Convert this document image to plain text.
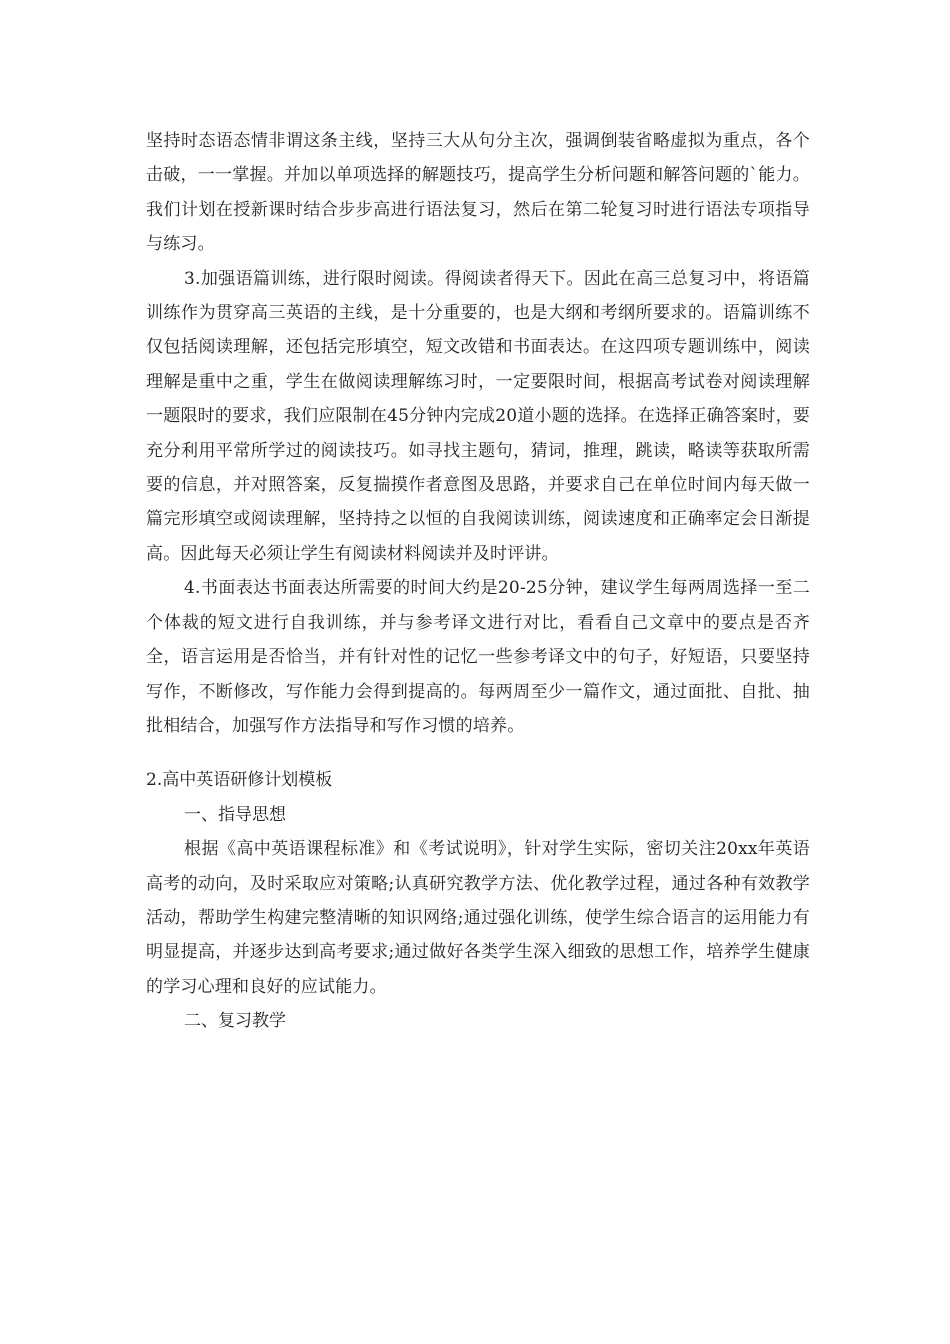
坚持时态语态情非谓这条主线，坚持三大从句分主次，强调倒装省略虚拟为重点，各个击破，一一掌握。并加以单项选择的解题技巧，提高学生分析问题和解答问题的`能力。我们计划在授新课时结合步步高进行语法复习，然后在第二轮复习时进行语法专项指导与练习。

3.加强语篇训练，进行限时阅读。得阅读者得天下。因此在高三总复习中，将语篇训练作为贯穿高三英语的主线，是十分重要的，也是大纲和考纲所要求的。语篇训练不仅包括阅读理解，还包括完形填空，短文改错和书面表达。在这四项专题训练中，阅读理解是重中之重，学生在做阅读理解练习时，一定要限时间，根据高考试卷对阅读理解一题限时的要求，我们应限制在45分钟内完成20道小题的选择。在选择正确答案时，要充分利用平常所学过的阅读技巧。如寻找主题句，猜词，推理，跳读，略读等获取所需要的信息，并对照答案，反复揣摸作者意图及思路，并要求自己在单位时间内每天做一篇完形填空或阅读理解，坚持持之以恒的自我阅读训练，阅读速度和正确率定会日渐提高。因此每天必须让学生有阅读材料阅读并及时评讲。

4.书面表达书面表达所需要的时间大约是20-25分钟，建议学生每两周选择一至二个体裁的短文进行自我训练，并与参考译文进行对比，看看自己文章中的要点是否齐全，语言运用是否恰当，并有针对性的记忆一些参考译文中的句子，好短语，只要坚持写作，不断修改，写作能力会得到提高的。每两周至少一篇作文，通过面批、自批、抽批相结合，加强写作方法指导和写作习惯的培养。

2.高中英语研修计划模板

一、指导思想

根据《高中英语课程标准》和《考试说明》，针对学生实际，密切关注20xx年英语高考的动向，及时采取应对策略;认真研究教学方法、优化教学过程，通过各种有效教学活动，帮助学生构建完整清晰的知识网络;通过强化训练，使学生综合语言的运用能力有明显提高，并逐步达到高考要求;通过做好各类学生深入细致的思想工作，培养学生健康的学习心理和良好的应试能力。

二、复习教学
